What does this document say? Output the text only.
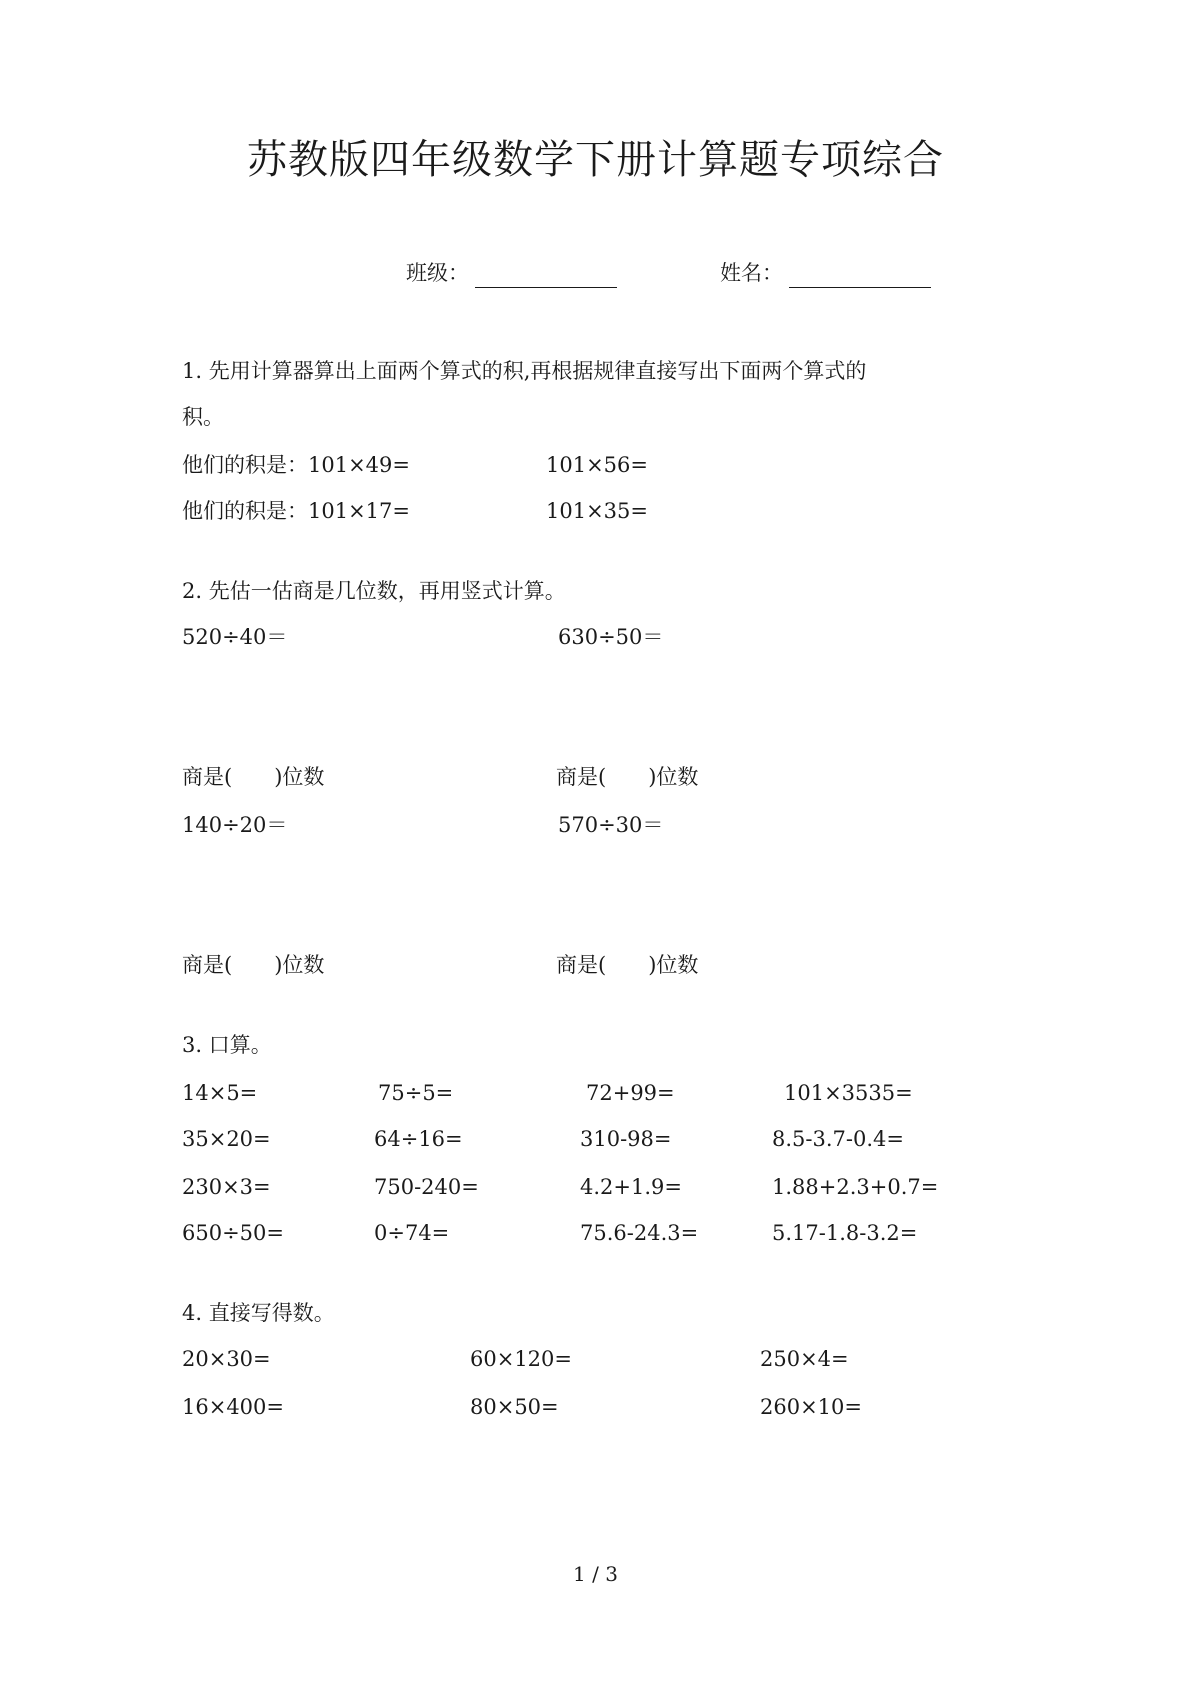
苏教版四年级数学下册计算题专项综合
班级：	姓名：
1. 先用计算器算出上面两个算式的积,再根据规律直接写出下面两个算式的
积。
他们的积是：101×49=	101×56=
他们的积是：101×17=	101×35=
2. 先估一估商是几位数，再用竖式计算。
520÷40＝	630÷50＝
商是(　　)位数	商是(　　)位数
140÷20＝	570÷30＝
商是(　　)位数	商是(　　)位数
3. 口算。
14×5=	75÷5=	72+99=	101×3535=
35×20=	64÷16=	310-98=	8.5-3.7-0.4=
230×3=	750-240=	4.2+1.9=	1.88+2.3+0.7=
650÷50=	0÷74=	75.6-24.3=	5.17-1.8-3.2=
4. 直接写得数。
20×30=	60×120=	250×4=
16×400=	80×50=	260×10=
1 / 3
